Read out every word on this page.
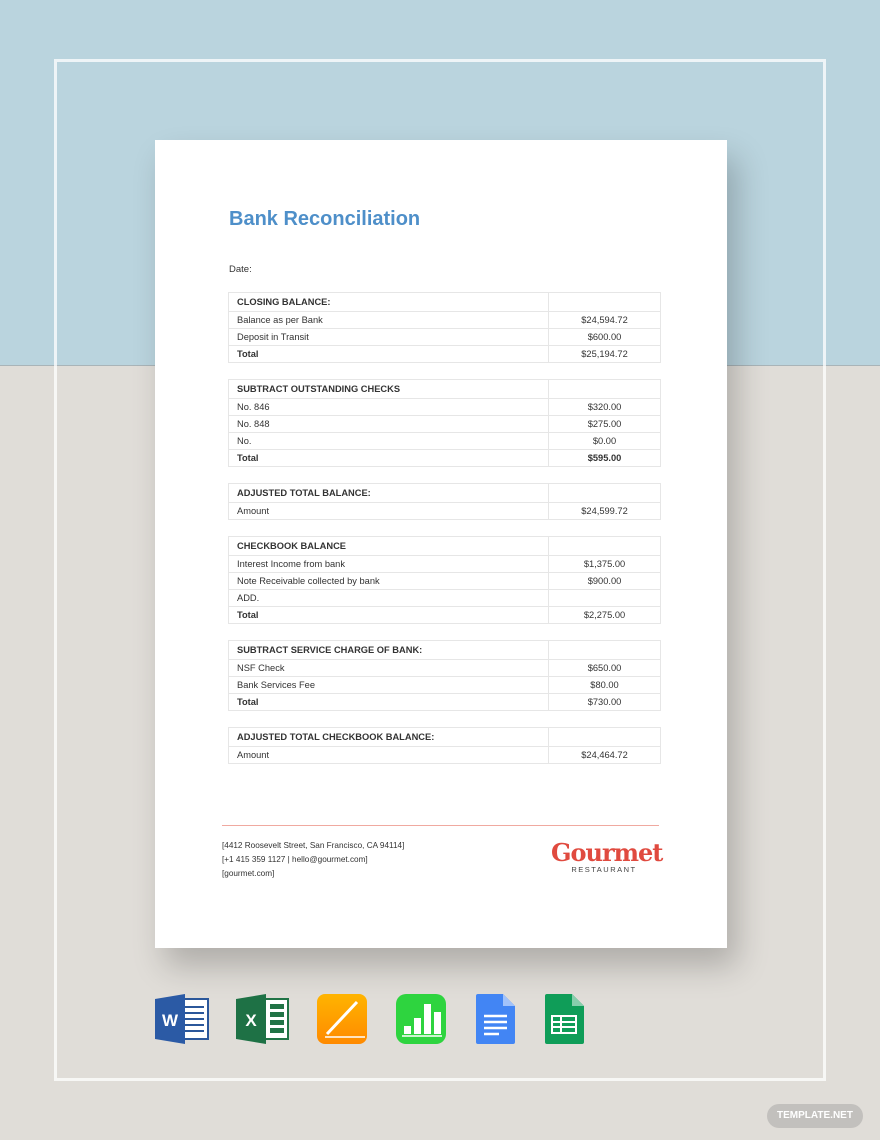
Bank Reconciliation
Date:
CLOSING BALANCE:	
Balance as per Bank	$24,594.72
Deposit in Transit	$600.00
Total	$25,194.72
SUBTRACT OUTSTANDING CHECKS	
No. 846	$320.00
No. 848	$275.00
No.	$0.00
Total	$595.00
ADJUSTED TOTAL BALANCE:	
Amount	$24,599.72
CHECKBOOK BALANCE	
Interest Income from bank	$1,375.00
Note Receivable collected by bank	$900.00
ADD.	
Total	$2,275.00
SUBTRACT SERVICE CHARGE OF BANK:	
NSF Check	$650.00
Bank Services Fee	$80.00
Total	$730.00
ADJUSTED TOTAL CHECKBOOK BALANCE:	
Amount	$24,464.72
[4412 Roosevelt Street, San Francisco, CA 94114]
[+1 415 359 1127 | hello@gourmet.com]
[gourmet.com]
Gourmet
RESTAURANT
W	X
TEMPLATE.NET
